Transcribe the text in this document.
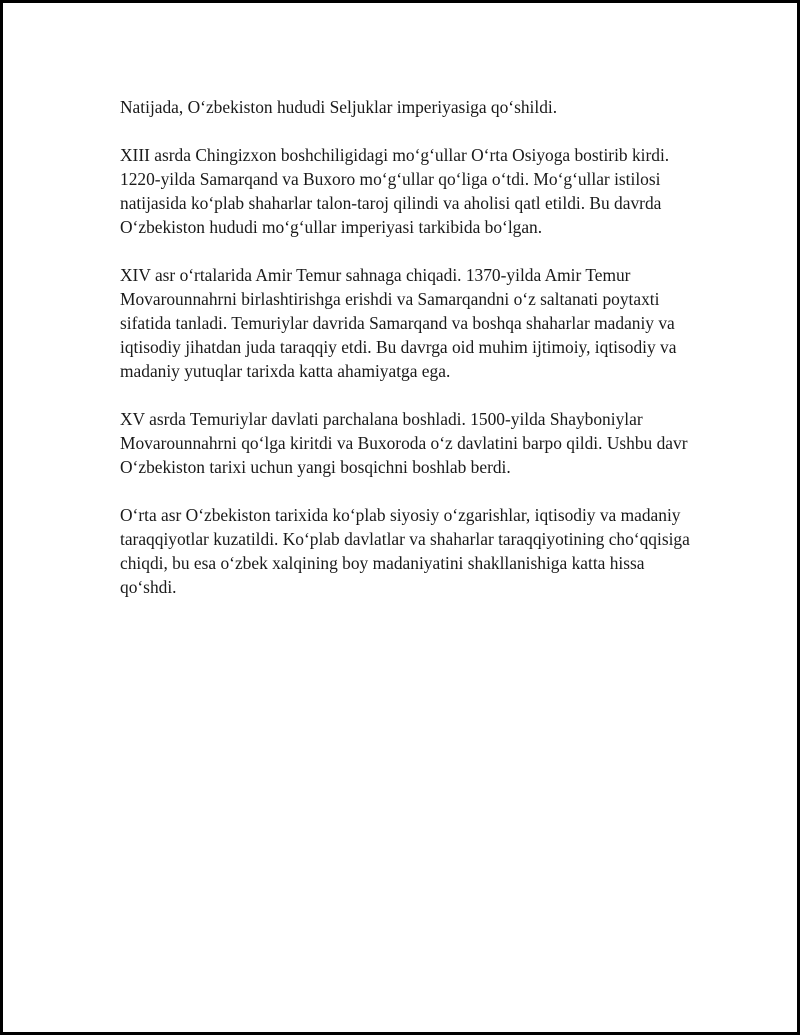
Natijada, O‘zbekiston hududi Seljuklar imperiyasiga qo‘shildi.

XIII asrda Chingizxon boshchiligidagi mo‘g‘ullar O‘rta Osiyoga bostirib kirdi. 1220-yilda Samarqand va Buxoro mo‘g‘ullar qo‘liga o‘tdi. Mo‘g‘ullar istilosi natijasida ko‘plab shaharlar talon-taroj qilindi va aholisi qatl etildi. Bu davrda O‘zbekiston hududi mo‘g‘ullar imperiyasi tarkibida bo‘lgan.

XIV asr o‘rtalarida Amir Temur sahnaga chiqadi. 1370-yilda Amir Temur Movarounnahrni birlashtirishga erishdi va Samarqandni o‘z saltanati poytaxti sifatida tanladi. Temuriylar davrida Samarqand va boshqa shaharlar madaniy va iqtisodiy jihatdan juda taraqqiy etdi. Bu davrga oid muhim ijtimoiy, iqtisodiy va madaniy yutuqlar tarixda katta ahamiyatga ega.

XV asrda Temuriylar davlati parchalana boshladi. 1500-yilda Shayboniylar Movarounnahrni qo‘lga kiritdi va Buxoroda o‘z davlatini barpo qildi. Ushbu davr O‘zbekiston tarixi uchun yangi bosqichni boshlab berdi.

O‘rta asr O‘zbekiston tarixida ko‘plab siyosiy o‘zgarishlar, iqtisodiy va madaniy taraqqiyotlar kuzatildi. Ko‘plab davlatlar va shaharlar taraqqiyotining cho‘qqisiga chiqdi, bu esa o‘zbek xalqining boy madaniyatini shakllanishiga katta hissa qo‘shdi.
